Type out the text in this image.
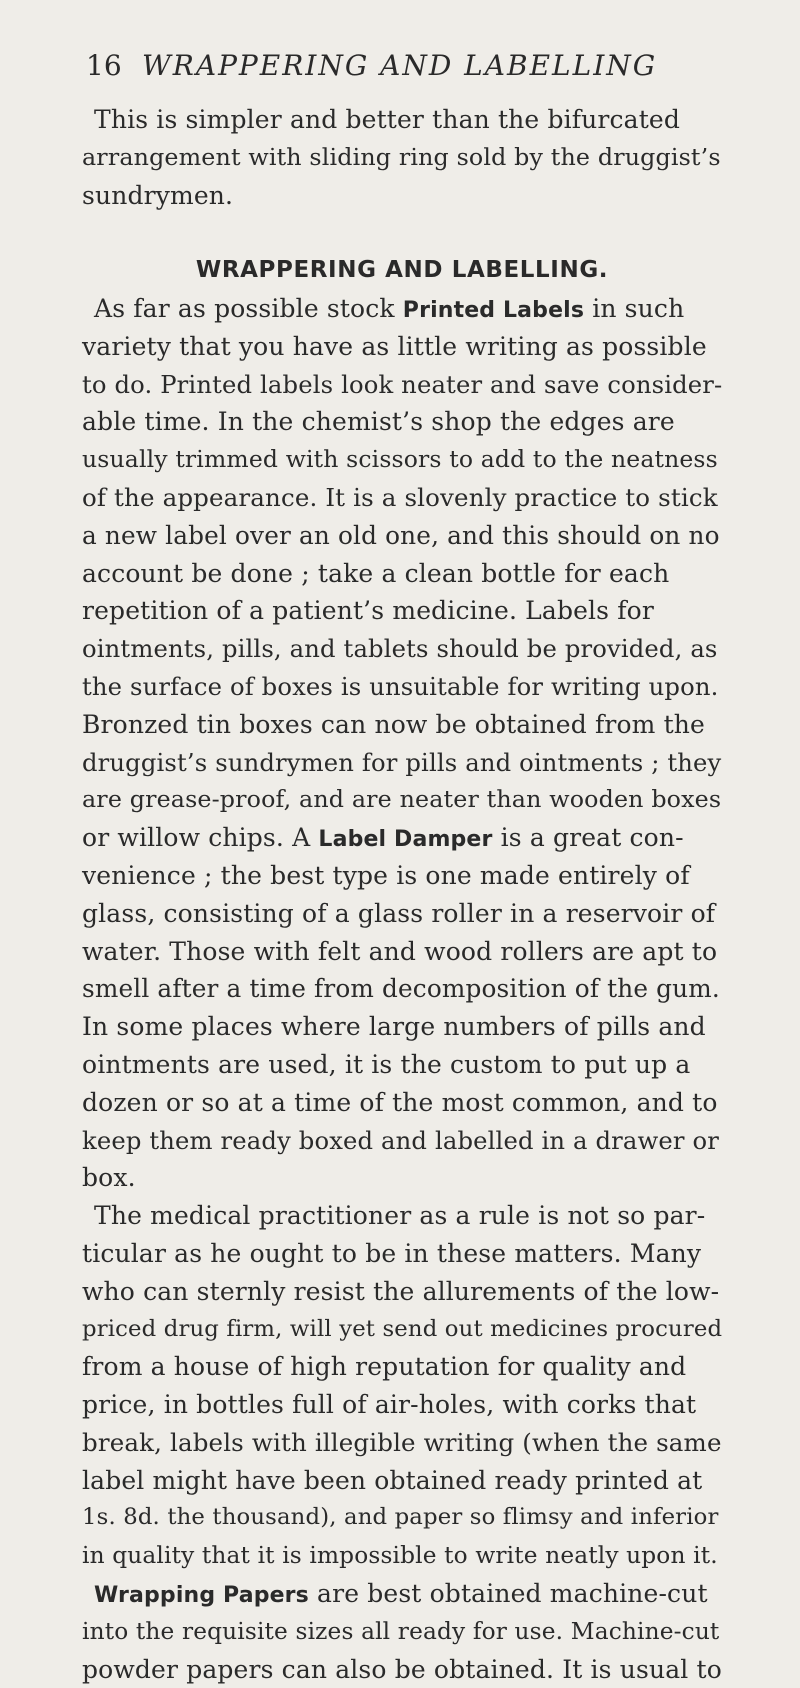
16 WRAPPERING AND LABELLING
This is simpler and better than the bifurcated
arrangement with sliding ring sold by the druggist’s
sundrymen.
WRAPPERING AND LABELLING.
As far as possible stock Printed Labels in such
variety that you have as little writing as possible
to do. Printed labels look neater and save consider-
able time. In the chemist’s shop the edges are
usually trimmed with scissors to add to the neatness
of the appearance. It is a slovenly practice to stick
a new label over an old one, and this should on no
account be done ; take a clean bottle for each
repetition of a patient’s medicine. Labels for
ointments, pills, and tablets should be provided, as
the surface of boxes is unsuitable for writing upon.
Bronzed tin boxes can now be obtained from the
druggist’s sundrymen for pills and ointments ; they
are grease-proof, and are neater than wooden boxes
or willow chips. A Label Damper is a great con-
venience ; the best type is one made entirely of
glass, consisting of a glass roller in a reservoir of
water. Those with felt and wood rollers are apt to
smell after a time from decomposition of the gum.
In some places where large numbers of pills and
ointments are used, it is the custom to put up a
dozen or so at a time of the most common, and to
keep them ready boxed and labelled in a drawer or
box.
The medical practitioner as a rule is not so par-
ticular as he ought to be in these matters. Many
who can sternly resist the allurements of the low-
priced drug firm, will yet send out medicines procured
from a house of high reputation for quality and
price, in bottles full of air-holes, with corks that
break, labels with illegible writing (when the same
label might have been obtained ready printed at
1s. 8d. the thousand), and paper so flimsy and inferior
in quality that it is impossible to write neatly upon it.
Wrapping Papers are best obtained machine-cut
into the requisite sizes all ready for use. Machine-cut
powder papers can also be obtained. It is usual to
